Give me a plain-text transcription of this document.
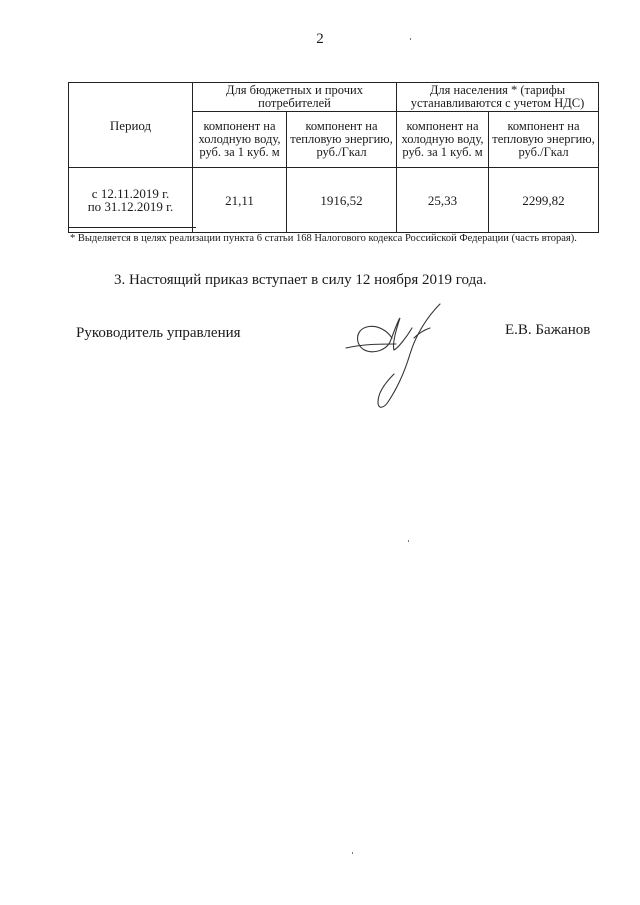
2
Период	Для бюджетных и прочих потребителей		Для населения * (тарифы устанавливаются с учетом НДС)	
	компонент на холодную воду, руб. за 1 куб. м	компонент на тепловую энергию, руб./Гкал	компонент на холодную воду, руб. за 1 куб. м	компонент на тепловую энергию, руб./Гкал
с 12.11.2019 г.
по 31.12.2019 г.	21,11	1916,52	25,33	2299,82
* Выделяется в целях реализации пункта 6 статьи 168 Налогового кодекса Российской Федерации (часть вторая).
3. Настоящий приказ вступает в силу 12 ноября 2019 года.
Руководитель управления	Е.В. Бажанов
